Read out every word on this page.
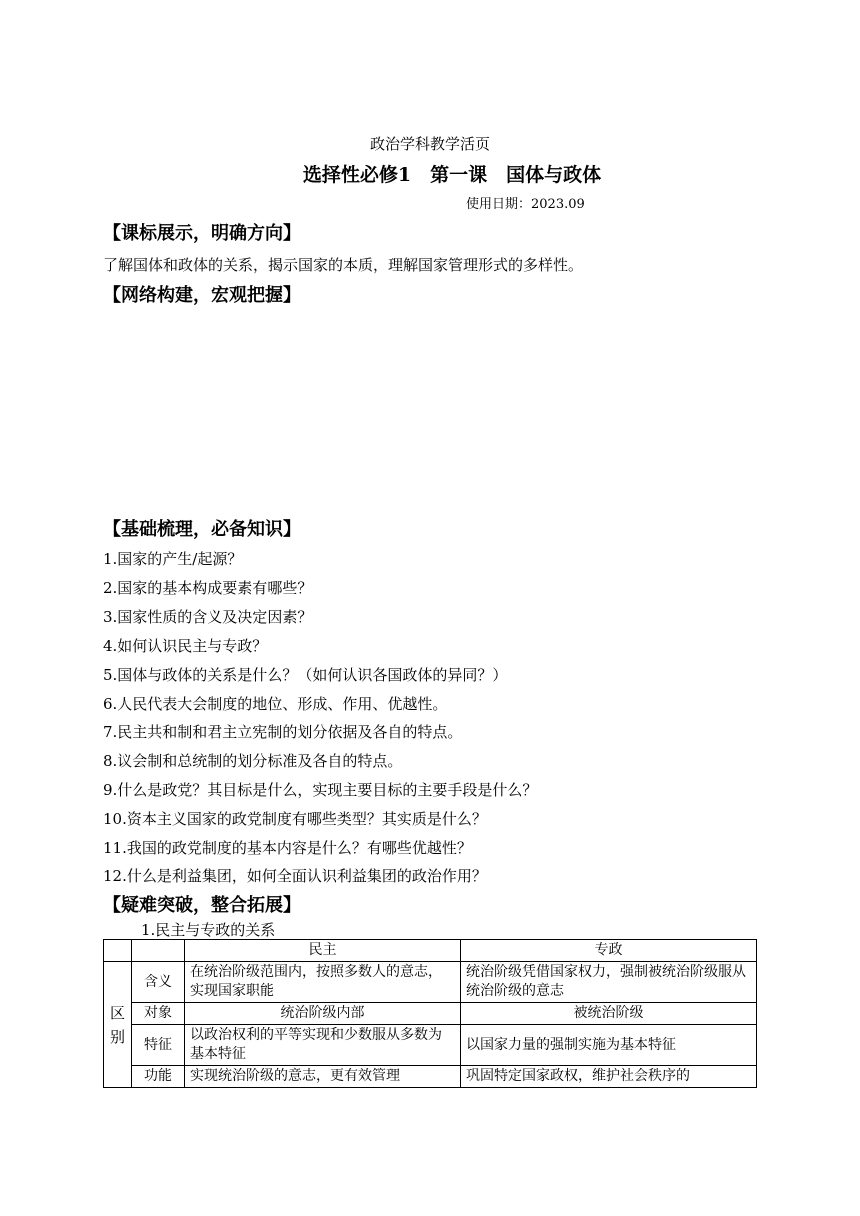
政治学科教学活页
选择性必修1　第一课　国体与政体
使用日期：2023.09
【课标展示，明确方向】
了解国体和政体的关系，揭示国家的本质，理解国家管理形式的多样性。
【网络构建，宏观把握】
【基础梳理，必备知识】
1.国家的产生/起源？
2.国家的基本构成要素有哪些？
3.国家性质的含义及决定因素？
4.如何认识民主与专政？
5.国体与政体的关系是什么？（如何认识各国政体的异同？）
6.人民代表大会制度的地位、形成、作用、优越性。
7.民主共和制和君主立宪制的划分依据及各自的特点。
8.议会制和总统制的划分标准及各自的特点。
9.什么是政党？其目标是什么，实现主要目标的主要手段是什么？
10.资本主义国家的政党制度有哪些类型？其实质是什么？
11.我国的政党制度的基本内容是什么？有哪些优越性？
12.什么是利益集团，如何全面认识利益集团的政治作用？
【疑难突破，整合拓展】
1.民主与专政的关系
		民主	专政
区
别	含义	在统治阶级范围内，按照多数人的意志，实现国家职能	统治阶级凭借国家权力，强制被统治阶级服从统治阶级的意志
	对象	统治阶级内部	被统治阶级
	特征	以政治权利的平等实现和少数服从多数为基本特征	以国家力量的强制实施为基本特征
	功能	实现统治阶级的意志，更有效管理	巩固特定国家政权，维护社会秩序的
